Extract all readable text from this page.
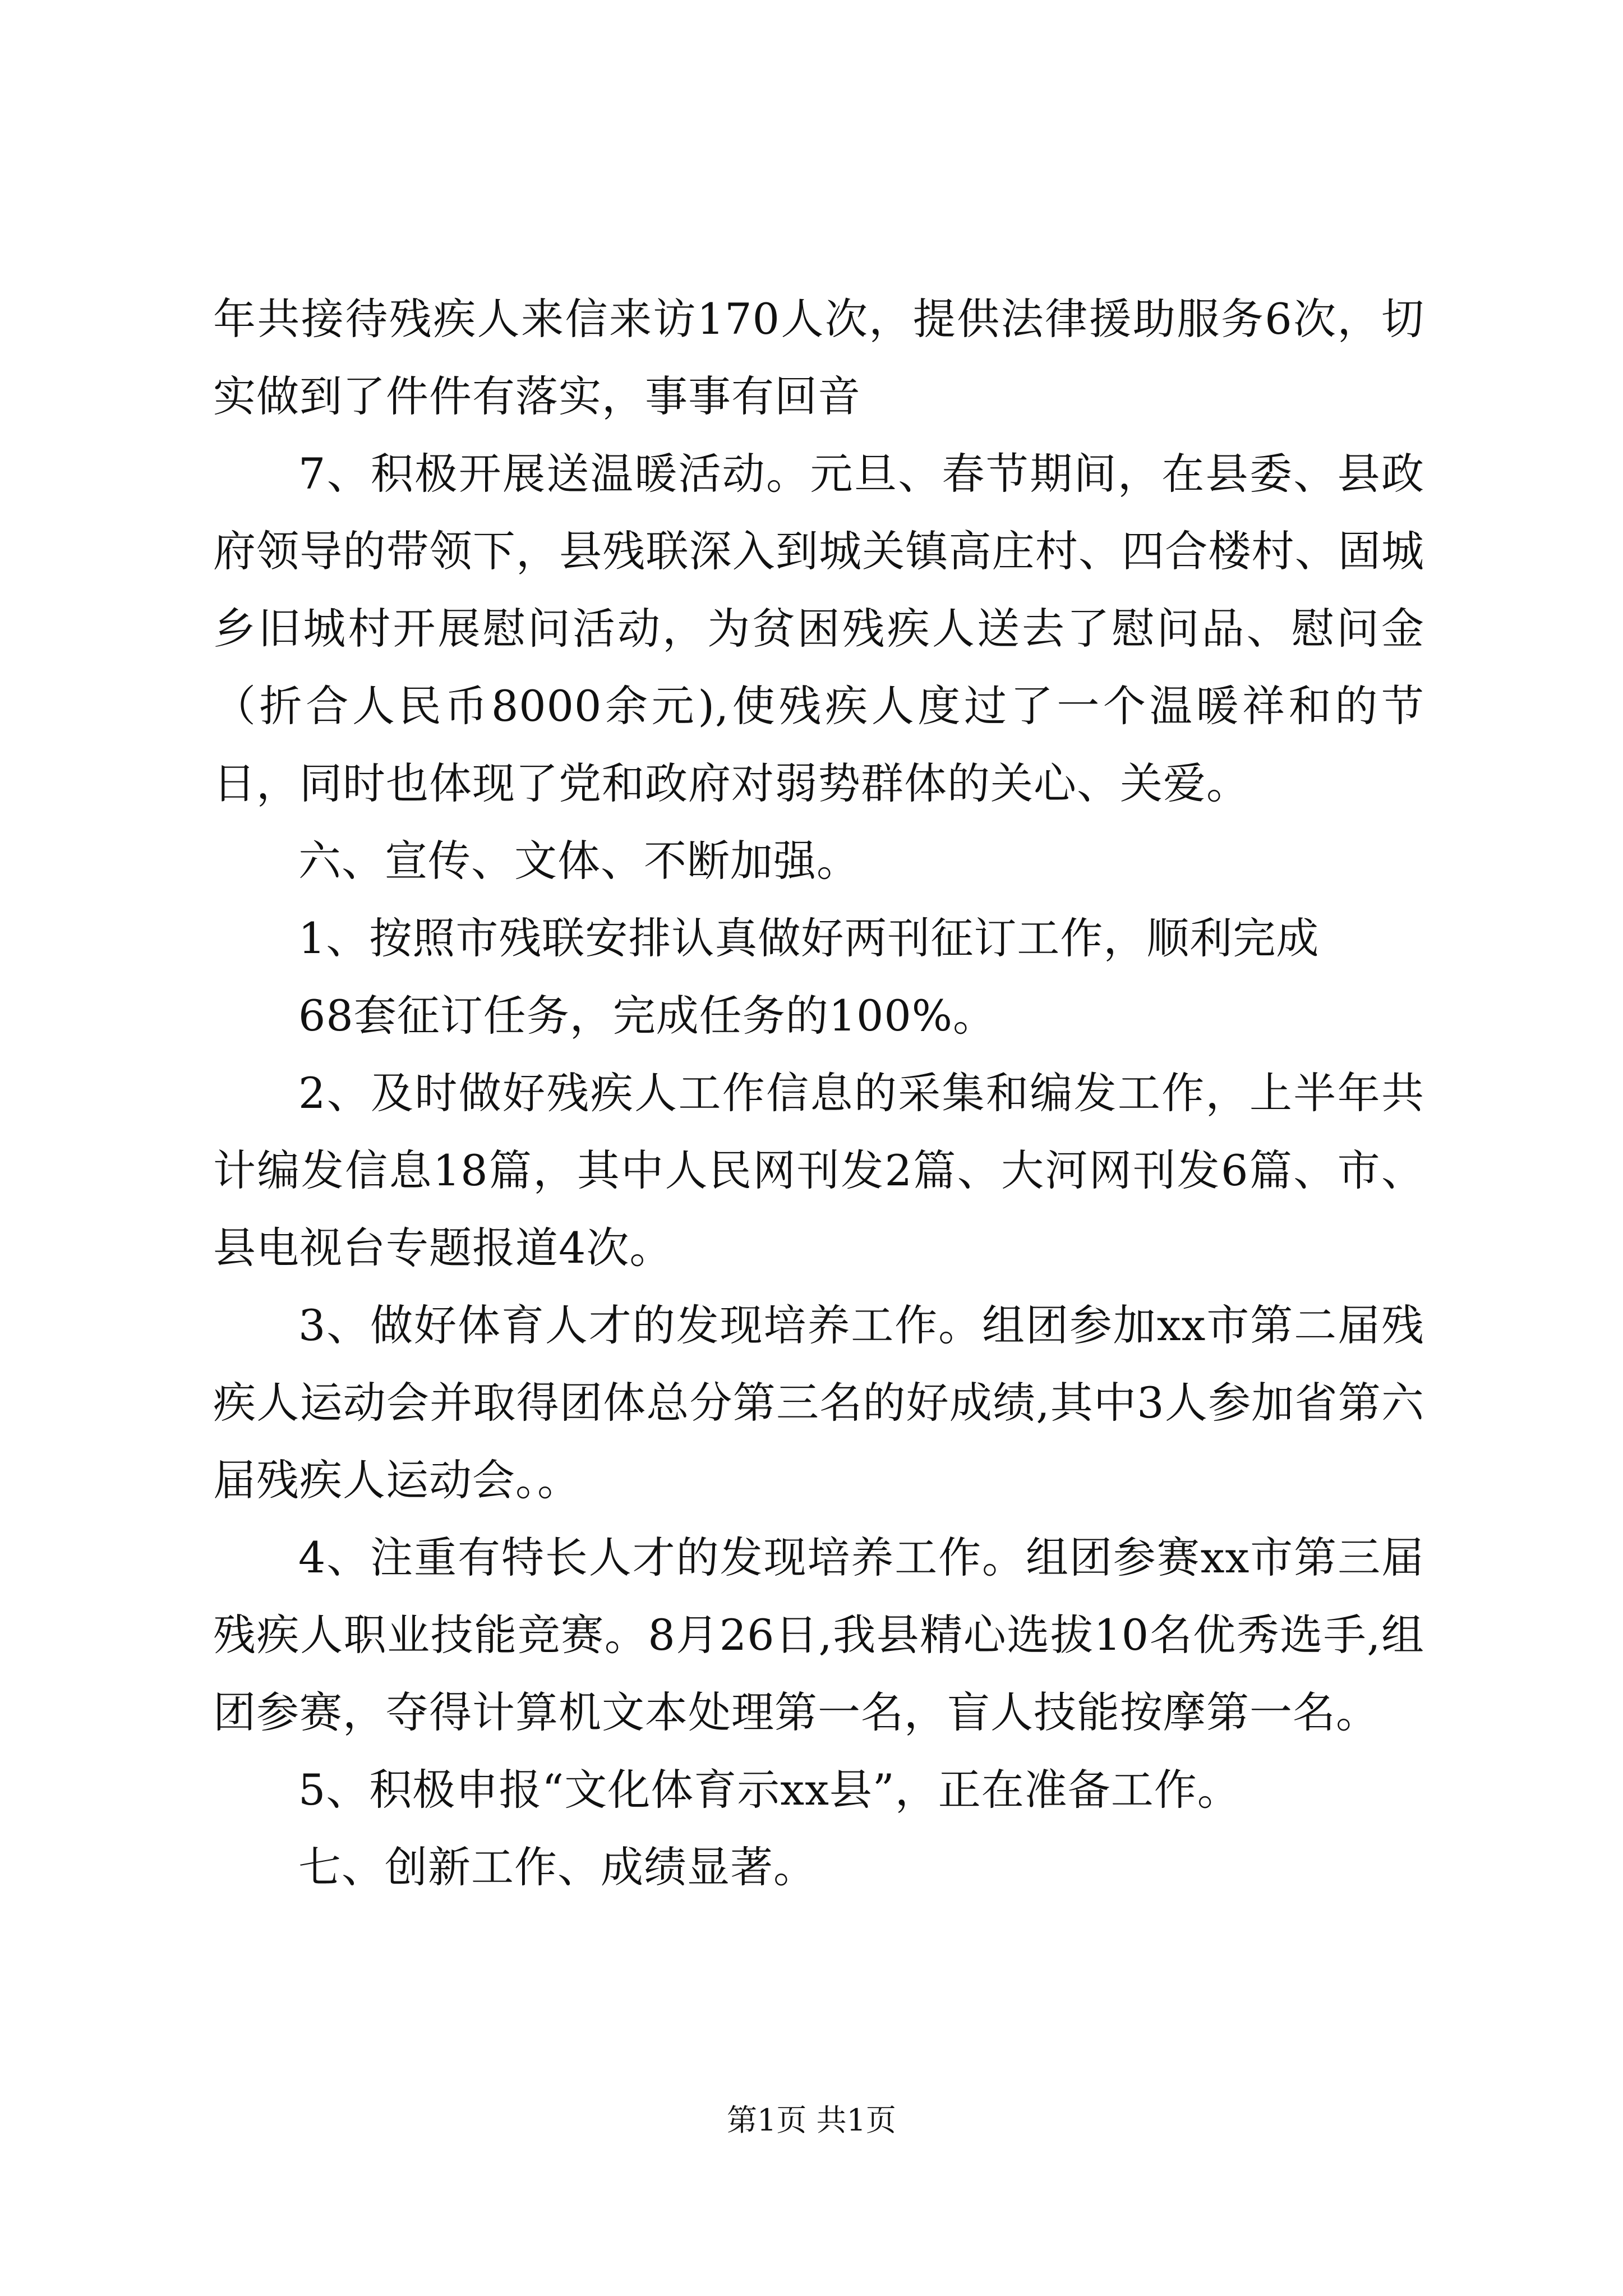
年共接待残疾人来信来访170人次，提供法律援助服务6次，切实做到了件件有落实，事事有回音

7、积极开展送温暖活动。元旦、春节期间，在县委、县政府领导的带领下，县残联深入到城关镇高庄村、四合楼村、固城乡旧城村开展慰问活动，为贫困残疾人送去了慰问品、慰问金（折合人民币8000余元),使残疾人度过了一个温暖祥和的节日，同时也体现了党和政府对弱势群体的关心、关爱。

六、宣传、文体、不断加强。

1、按照市残联安排认真做好两刊征订工作，顺利完成

68套征订任务，完成任务的100%。

2、及时做好残疾人工作信息的采集和编发工作，上半年共计编发信息18篇，其中人民网刊发2篇、大河网刊发6篇、市、县电视台专题报道4次。

3、做好体育人才的发现培养工作。组团参加xx市第二届残疾人运动会并取得团体总分第三名的好成绩,其中3人参加省第六届残疾人运动会。。

4、注重有特长人才的发现培养工作。组团参赛xx市第三届残疾人职业技能竞赛。8月26日,我县精心选拔10名优秀选手,组团参赛，夺得计算机文本处理第一名，盲人技能按摩第一名。

5、积极申报“文化体育示xx县”，正在准备工作。

七、创新工作、成绩显著。

第1页 共1页
